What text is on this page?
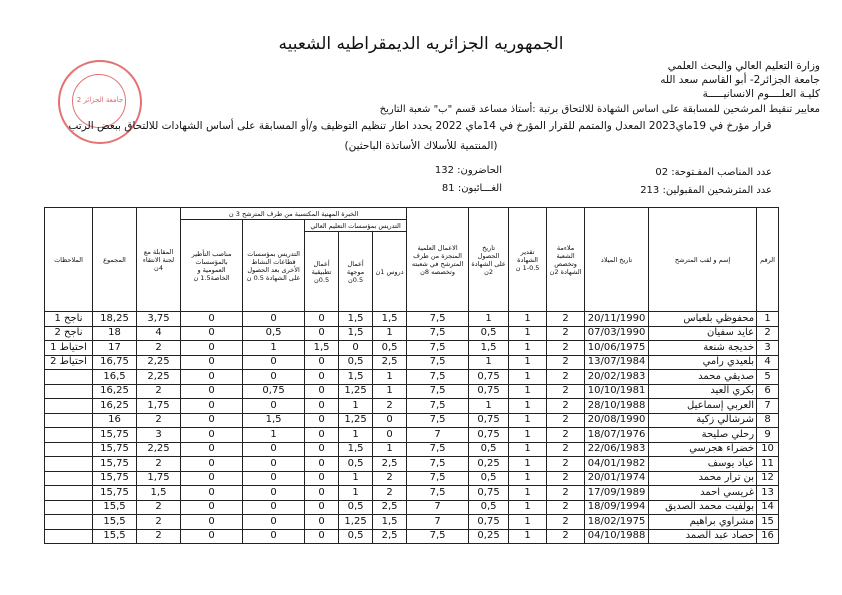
الجمهوريه الجزائريه الديمقراطيه الشعبيه
وزارة التعليم العالي والبحث العلمي
جامعة الجزائر2- أبو القاسم سعد الله
كليـة العلــــوم الانسانيـــــة
جامعة الجزائر 2
معايير تنقيط المرشحين للمسابقة على اساس الشهادة للالتحاق برتبة :أستاذ مساعد قسم "ب" شعبة التاريخ
قرار مؤرخ في 19ماي2023 المعدل والمتمم للقرار المؤرخ في 14ماي 2022 يحدد اطار تنظيم التوظيف و/أو المسابقة على أساس الشهادات للالتحاق ببعض الرتب
(المنتمية للأسلاك الأساتذة الباحثين)
عدد المناصب المفـتوحة: 02
عدد المترشحين المقبولين: 213
الحاضرون: 132
الغـــائبون: 81
الرقم	إسم و لقب المترشح	تاريخ الميلاد	ملاءمة الشعبة وتخصص الشهادة 2ن	تقدير الشهادة 0.5-1 ن	تاريخ الحصول على الشهادة 2ن	الاعمال العلمية المنجزة من طرف المترشح في شعبته وتخصصه 8ن	الخبرة المهنية المكتسبة من طرف المترشح 3 ن					المقابلة مع لجنة الانتقاء 4ن	المجموع	الملاحظات
							التدريس بمؤسسات التعليم العالي			التدريس بمؤسسات قطاعات النشاط الأخرى بعد الحصول على الشهادة 0.5 ن	مناصب التأطير بالمؤسسات العمومية و الخاصة1.5 ن			
							دروس 1ن	أعمال موجهة 0.5ن	أعمال تطبيقية 0.5ن					
1	محفوظي بلعباس	20/11/1990	2	1	1	7,5	1,5	1,5	0	0	0	3,75	18,25	ناجح 1
2	عايد سفيان	07/03/1990	2	1	0,5	7,5	1	1,5	0	0,5	0	4	18	ناجح 2
3	خديجة شنعة	10/06/1975	2	1	1,5	7,5	0,5	0	1,5	1	0	2	17	احتياط 1
4	بلعيدي رامي	13/07/1984	2	1	1	7,5	2,5	0,5	0	0	0	2,25	16,75	احتياط 2
5	صديقي محمد	20/02/1983	2	1	0,75	7,5	1	1,5	0	0	0	2,25	16,5	
6	بكري العيد	10/10/1981	2	1	0,75	7,5	1	1,25	0	0,75	0	2	16,25	
7	العربي إسماعيل	28/10/1988	2	1	1	7,5	2	1	0	0	0	1,75	16,25	
8	شرشالي زكية	20/08/1990	2	1	0,75	7,5	0	1,25	0	1,5	0	2	16	
9	رحلي صليحة	18/07/1976	2	1	0,75	7	0	1	0	1	0	3	15,75	
10	خضراء هجرسي	22/06/1983	2	1	0,5	7,5	1	1,5	0	0	0	2,25	15,75	
11	عياد يوسف	04/01/1982	2	1	0,25	7,5	2,5	0,5	0	0	0	2	15,75	
12	بن ترار محمد	20/01/1974	2	1	0,5	7,5	2	1	0	0	0	1,75	15,75	
13	غريسي احمد	17/09/1989	2	1	0,75	7,5	2	1	0	0	0	1,5	15,75	
14	بولفيت محمد الصديق	18/09/1994	2	1	0,5	7	2,5	0,5	0	0	0	2	15,5	
15	مشراوي براهيم	18/02/1975	2	1	0,75	7	1,5	1,25	0	0	0	2	15,5	
16	حصاد عبد الصمد	04/10/1988	2	1	0,25	7,5	2,5	0,5	0	0	0	2	15,5	
